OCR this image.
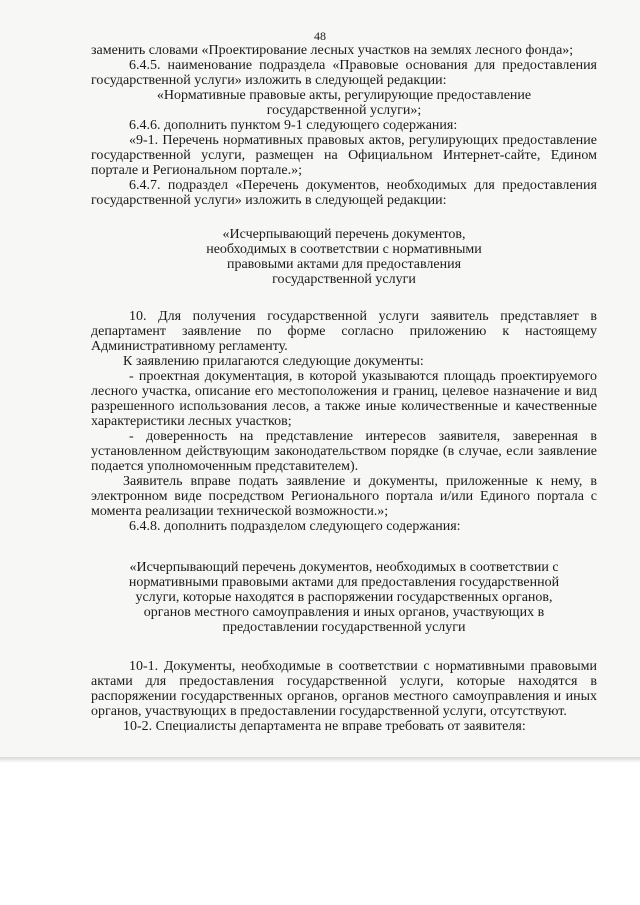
48

заменить словами «Проектирование лесных участков на землях лесного фонда»;

6.4.5. наименование подраздела «Правовые основания для предоставления государственной услуги» изложить в следующей редакции:

«Нормативные правовые акты, регулирующие предоставление государственной услуги»;

6.4.6. дополнить пунктом 9-1 следующего содержания:

«9-1. Перечень нормативных правовых актов, регулирующих предоставление государственной услуги, размещен на Официальном Интернет-сайте, Едином портале и Региональном портале.»;

6.4.7. подраздел «Перечень документов, необходимых для предоставления государственной услуги» изложить в следующей редакции:

«Исчерпывающий перечень документов, необходимых в соответствии с нормативными правовыми актами для предоставления государственной услуги

10. Для получения государственной услуги заявитель представляет в департамент заявление по форме согласно приложению к настоящему Административному регламенту.

К заявлению прилагаются следующие документы:

- проектная документация, в которой указываются площадь проектируемого лесного участка, описание его местоположения и границ, целевое назначение и вид разрешенного использования лесов, а также иные количественные и качественные характеристики лесных участков;

- доверенность на представление интересов заявителя, заверенная в установленном действующим законодательством порядке (в случае, если заявление подается уполномоченным представителем).

Заявитель вправе подать заявление и документы, приложенные к нему, в электронном виде посредством Регионального портала и/или Единого портала с момента реализации технической возможности.»;

6.4.8. дополнить подразделом следующего содержания:

«Исчерпывающий перечень документов, необходимых в соответствии с нормативными правовыми актами для предоставления государственной услуги, которые находятся в распоряжении государственных органов, органов местного самоуправления и иных органов, участвующих в предоставлении государственной услуги

10-1. Документы, необходимые в соответствии с нормативными правовыми актами для предоставления государственной услуги, которые находятся в распоряжении государственных органов, органов местного самоуправления и иных органов, участвующих в предоставлении государственной услуги, отсутствуют.

10-2. Специалисты департамента не вправе требовать от заявителя:
